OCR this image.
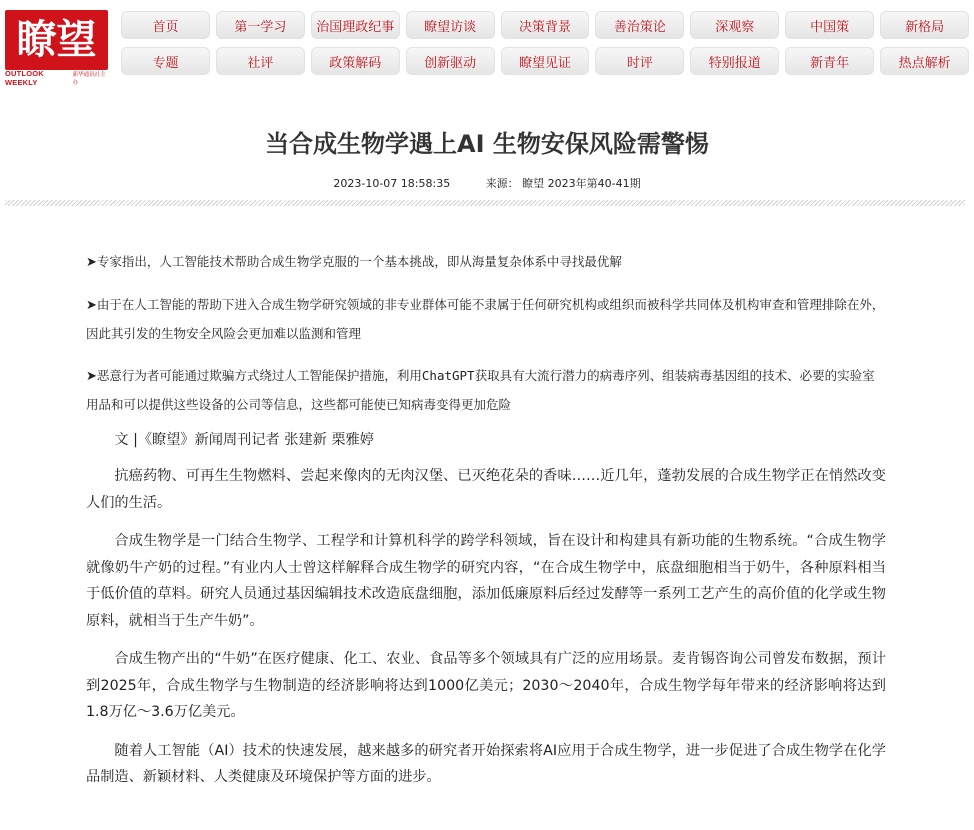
瞭望
OUTLOOK WEEKLY
新华通讯社主办
首页	第一学习	治国理政纪事	瞭望访谈	决策背景	善治策论	深观察	中国策	新格局
专题	社评	政策解码	创新驱动	瞭望见证	时评	特别报道	新青年	热点解析
当合成生物学遇上AI 生物安保风险需警惕
2023-10-07 18:58:35	来源： 瞭望 2023年第40-41期

➤专家指出，人工智能技术帮助合成生物学克服的一个基本挑战，即从海量复杂体系中寻找最优解

➤由于在人工智能的帮助下进入合成生物学研究领域的非专业群体可能不隶属于任何研究机构或组织而被科学共同体及机构审查和管理排除在外，因此其引发的生物安全风险会更加难以监测和管理

➤恶意行为者可能通过欺骗方式绕过人工智能保护措施，利用ChatGPT获取具有大流行潜力的病毒序列、组装病毒基因组的技术、必要的实验室用品和可以提供这些设备的公司等信息，这些都可能使已知病毒变得更加危险

文 |《瞭望》新闻周刊记者 张建新 栗雅婷

抗癌药物、可再生生物燃料、尝起来像肉的无肉汉堡、已灭绝花朵的香味……近几年，蓬勃发展的合成生物学正在悄然改变人们的生活。

合成生物学是一门结合生物学、工程学和计算机科学的跨学科领域，旨在设计和构建具有新功能的生物系统。“合成生物学就像奶牛产奶的过程。”有业内人士曾这样解释合成生物学的研究内容，“在合成生物学中，底盘细胞相当于奶牛，各种原料相当于低价值的草料。研究人员通过基因编辑技术改造底盘细胞，添加低廉原料后经过发酵等一系列工艺产生的高价值的化学或生物原料，就相当于生产牛奶”。

合成生物产出的“牛奶”在医疗健康、化工、农业、食品等多个领域具有广泛的应用场景。麦肯锡咨询公司曾发布数据，预计到2025年，合成生物学与生物制造的经济影响将达到1000亿美元；2030～2040年，合成生物学每年带来的经济影响将达到1.8万亿～3.6万亿美元。

随着人工智能（AI）技术的快速发展，越来越多的研究者开始探索将AI应用于合成生物学，进一步促进了合成生物学在化学品制造、新颖材料、人类健康及环境保护等方面的进步。
